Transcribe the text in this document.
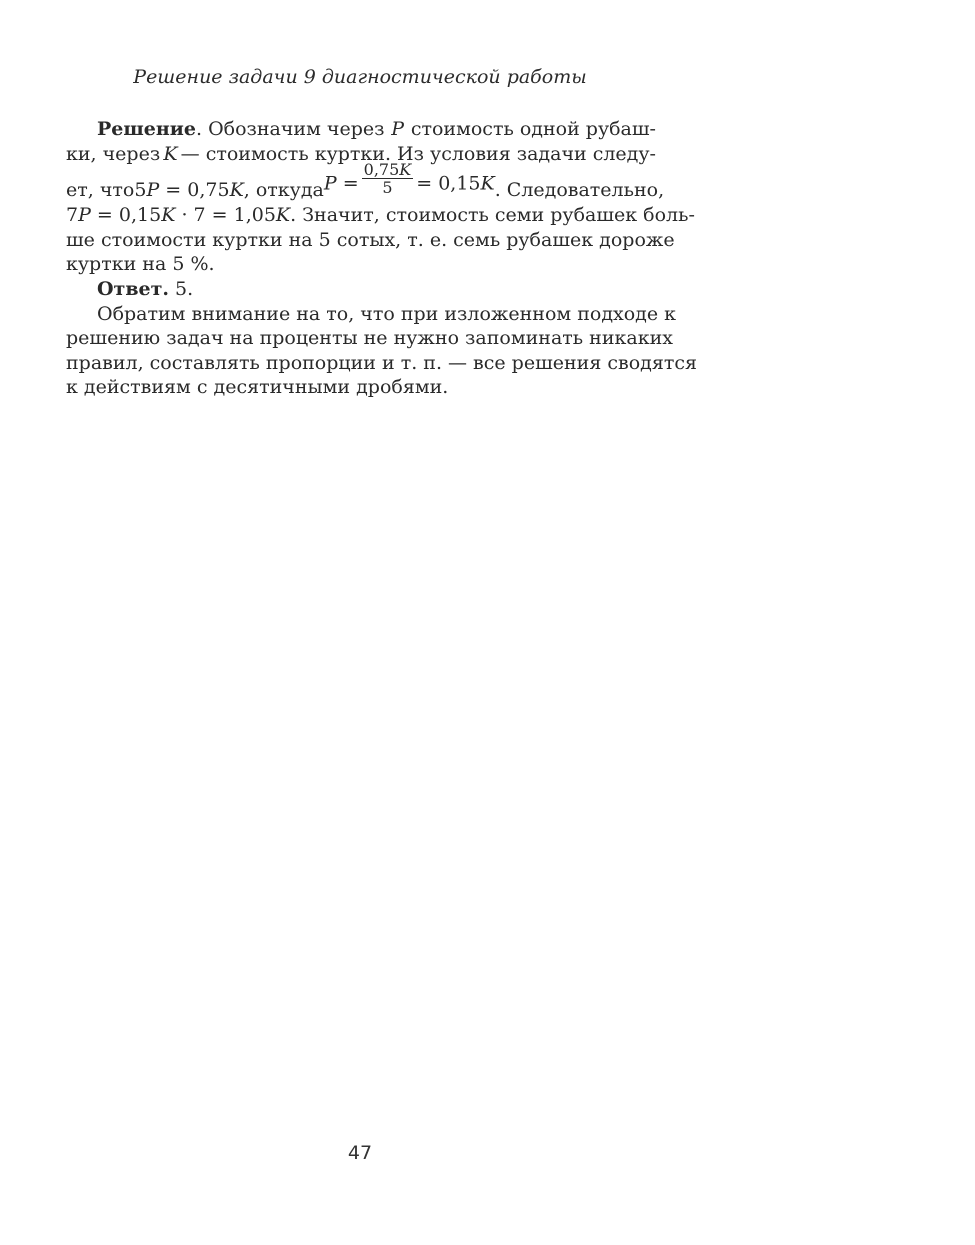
Решение задачи 9 диагностической работы
Решение. Обозначим через P стоимость одной рубаш-
ки, через K — стоимость куртки. Из условия задачи следу-
ет, что 5P = 0,75K, откуда $P = \frac{0,75K}{5} = 0,15K$ . Следовательно,
7P = 0,15K · 7 = 1,05K . Значит, стоимость семи рубашек боль-
ше стоимости куртки на 5 сотых, т. е. семь рубашек дороже
куртки на 5 %.
Ответ. 5.
Обратим внимание на то, что при изложенном подходе к
решению задач на проценты не нужно запоминать никаких
правил, составлять пропорции и т. п. — все решения сводятся
к действиям с десятичными дробями.
47
